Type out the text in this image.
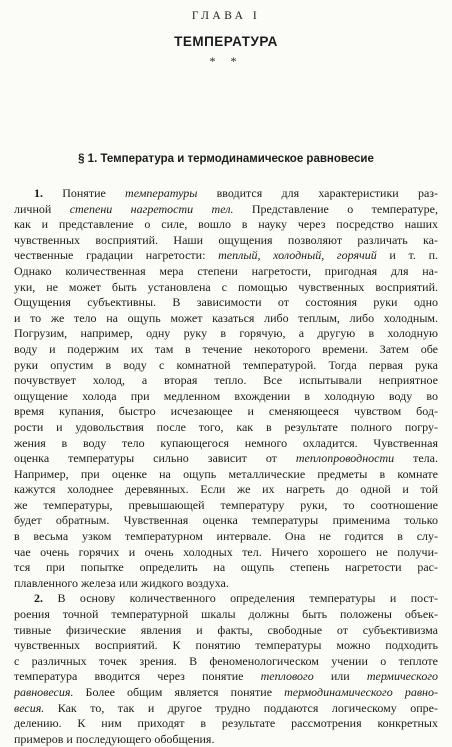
ГЛАВА I
ТЕМПЕРАТУРА
* *
§ 1. Температура и термодинамическое равновесие
1. Понятие температуры вводится для характеристики раз-
личной степени нагретости тел. Представление о температуре,
как и представление о силе, вошло в науку через посредство наших
чувственных восприятий. Наши ощущения позволяют различать ка-
чественные градации нагретости: теплый, холодный, горячий и т. п.
Однако количественная мера степени нагретости, пригодная для на-
уки, не может быть установлена с помощью чувственных восприятий.
Ощущения субъективны. В зависимости от состояния руки одно
и то же тело на ощупь может казаться либо теплым, либо холодным.
Погрузим, например, одну руку в горячую, а другую в холодную
воду и подержим их там в течение некоторого времени. Затем обе
руки опустим в воду с комнатной температурой. Тогда первая рука
почувствует холод, а вторая тепло. Все испытывали неприятное
ощущение холода при медленном вхождении в холодную воду во
время купания, быстро исчезающее и сменяющееся чувством бод-
рости и удовольствия после того, как в результате полного погру-
жения в воду тело купающегося немного охладится. Чувственная
оценка температуры сильно зависит от теплопроводности тела.
Например, при оценке на ощупь металлические предметы в комнате
кажутся холоднее деревянных. Если же их нагреть до одной и той
же температуры, превышающей температуру руки, то соотношение
будет обратным. Чувственная оценка температуры применима только
в весьма узком температурном интервале. Она не годится в слу-
чае очень горячих и очень холодных тел. Ничего хорошего не получи-
тся при попытке определить на ощупь степень нагретости рас-
плавленного железа или жидкого воздуха.
2. В основу количественного определения температуры и пост-
роения точной температурной шкалы должны быть положены объек-
тивные физические явления и факты, свободные от субъективизма
чувственных восприятий. К понятию температуры можно подходить
с различных точек зрения. В феноменологическом учении о теплоте
температура вводится через понятие теплового или термического
равновесия. Более общим является понятие термодинамического равно-
весия. Как то, так и другое трудно поддаются логическому опре-
делению. К ним приходят в результате рассмотрения конкретных
примеров и последующего обобщения.
